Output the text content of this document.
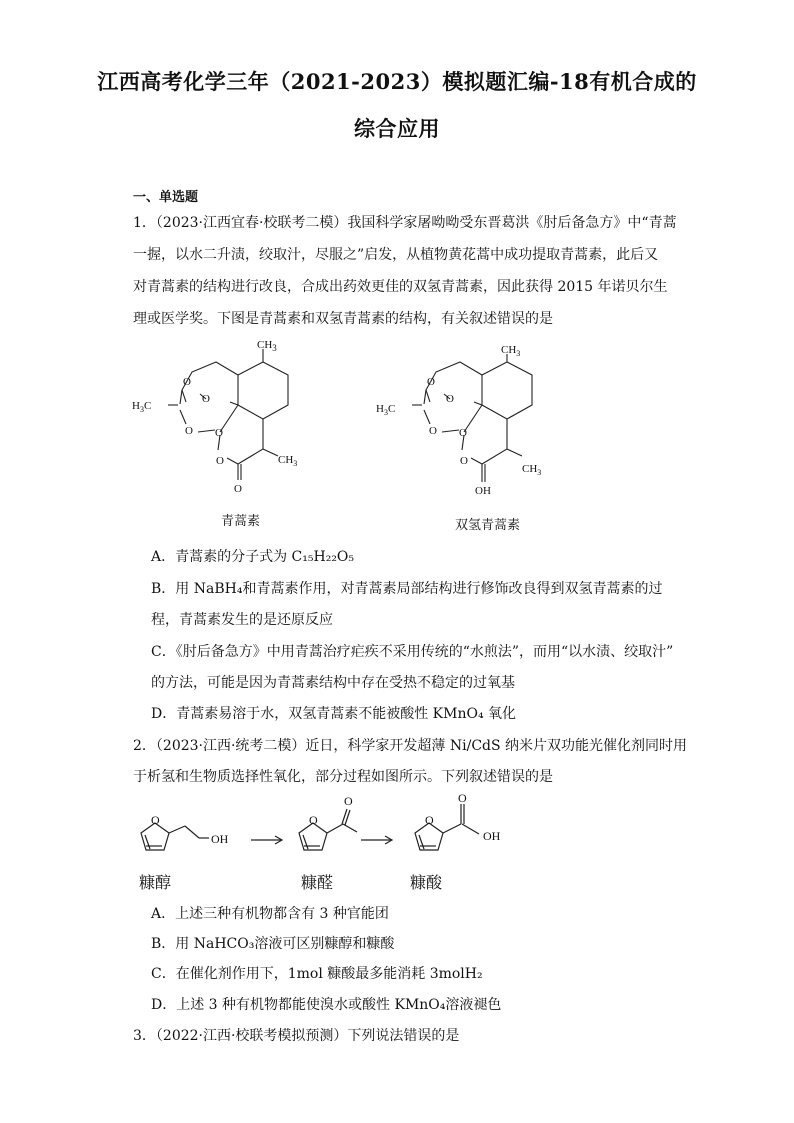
江西高考化学三年（2021-2023）模拟题汇编-18有机合成的
综合应用
一、单选题
1．（2023·江西宜春·校联考二模）我国科学家屠呦呦受东晋葛洪《肘后备急方》中“青蒿
一握，以水二升渍，绞取汁，尽服之”启发，从植物黄花蒿中成功提取青蒿素，此后又
对青蒿素的结构进行改良，合成出药效更佳的双氢青蒿素，因此获得 2015 年诺贝尔生
理或医学奖。下图是青蒿素和双氢青蒿素的结构，有关叙述错误的是
$CH_3$
$H_3C$
O
O
O O
O
O
$CH_3$
$CH_3$
$H_3C$
O
O
O O
O
OH
$CH_3$
青蒿素	双氢青蒿素
A．青蒿素的分子式为 C₁₅H₂₂O₅
B．用 NaBH₄和青蒿素作用，对青蒿素局部结构进行修饰改良得到双氢青蒿素的过
程，青蒿素发生的是还原反应
C．《肘后备急方》中用青蒿治疗疟疾不采用传统的“水煎法”，而用“以水渍、绞取汁”
的方法，可能是因为青蒿素结构中存在受热不稳定的过氧基
D．青蒿素易溶于水，双氢青蒿素不能被酸性 KMnO₄ 氧化
2．（2023·江西·统考二模）近日，科学家开发超薄 Ni/CdS 纳米片双功能光催化剂同时用
于析氢和生物质选择性氧化，部分过程如图所示。下列叙述错误的是
O
OH
O
O
O
O
OH
糠醇	糠醛	糠酸
A．上述三种有机物都含有 3 种官能团
B．用 NaHCO₃溶液可区别糠醇和糠酸
C．在催化剂作用下，1mol 糠酸最多能消耗 3molH₂
D．上述 3 种有机物都能使溴水或酸性 KMnO₄溶液褪色
3．（2022·江西·校联考模拟预测）下列说法错误的是
